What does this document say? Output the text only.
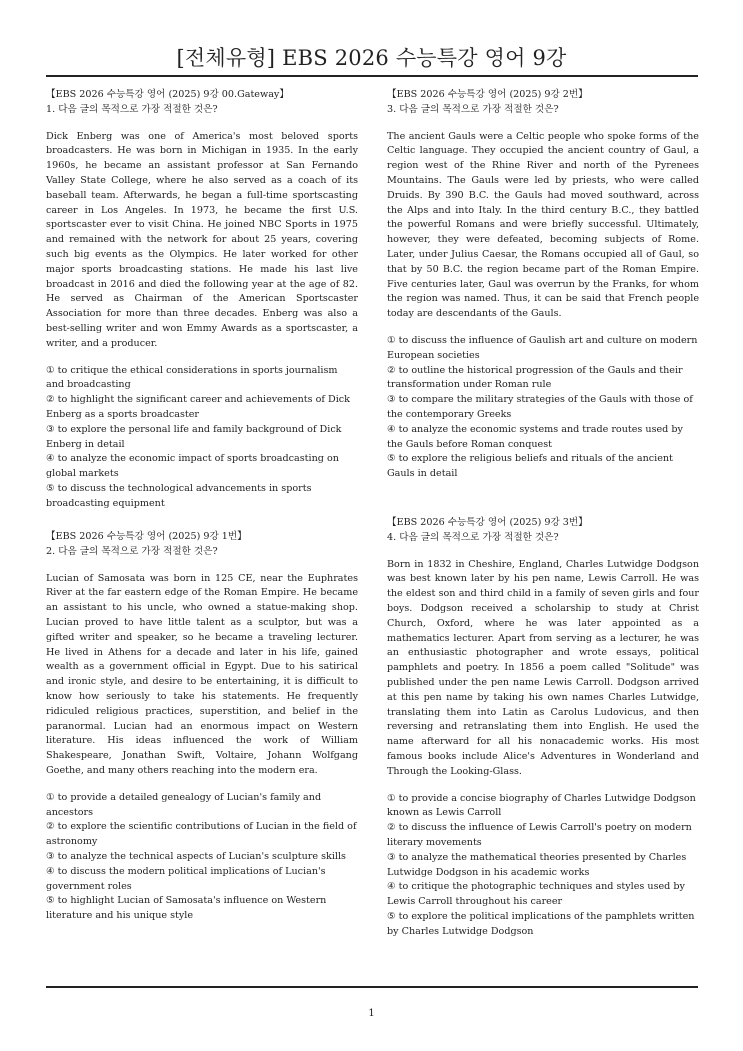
[전체유형] EBS 2026 수능특강 영어 9강

【EBS 2026 수능특강 영어 (2025) 9강 00.Gateway】

1. 다음 글의 목적으로 가장 적절한 것은?

Dick Enberg was one of America's most beloved sports broadcasters. He was born in Michigan in 1935. In the early 1960s, he became an assistant professor at San Fernando Valley State College, where he also served as a coach of its baseball team. Afterwards, he began a full-time sportscasting career in Los Angeles. In 1973, he became the first U.S. sportscaster ever to visit China. He joined NBC Sports in 1975 and remained with the network for about 25 years, covering such big events as the Olympics. He later worked for other major sports broadcasting stations. He made his last live broadcast in 2016 and died the following year at the age of 82. He served as Chairman of the American Sportscaster Association for more than three decades. Enberg was also a best-selling writer and won Emmy Awards as a sportscaster, a writer, and a producer.

① to critique the ethical considerations in sports journalism and broadcasting

② to highlight the significant career and achievements of Dick Enberg as a sports broadcaster

③ to explore the personal life and family background of Dick Enberg in detail

④ to analyze the economic impact of sports broadcasting on global markets

⑤ to discuss the technological advancements in sports broadcasting equipment

【EBS 2026 수능특강 영어 (2025) 9강 1번】

2. 다음 글의 목적으로 가장 적절한 것은?

Lucian of Samosata was born in 125 CE, near the Euphrates River at the far eastern edge of the Roman Empire. He became an assistant to his uncle, who owned a statue-making shop. Lucian proved to have little talent as a sculptor, but was a gifted writer and speaker, so he became a traveling lecturer. He lived in Athens for a decade and later in his life, gained wealth as a government official in Egypt. Due to his satirical and ironic style, and desire to be entertaining, it is difficult to know how seriously to take his statements. He frequently ridiculed religious practices, superstition, and belief in the paranormal. Lucian had an enormous impact on Western literature. His ideas influenced the work of William Shakespeare, Jonathan Swift, Voltaire, Johann Wolfgang Goethe, and many others reaching into the modern era.

① to provide a detailed genealogy of Lucian's family and ancestors

② to explore the scientific contributions of Lucian in the field of astronomy

③ to analyze the technical aspects of Lucian's sculpture skills

④ to discuss the modern political implications of Lucian's government roles

⑤ to highlight Lucian of Samosata's influence on Western literature and his unique style

【EBS 2026 수능특강 영어 (2025) 9강 2번】

3. 다음 글의 목적으로 가장 적절한 것은?

The ancient Gauls were a Celtic people who spoke forms of the Celtic language. They occupied the ancient country of Gaul, a region west of the Rhine River and north of the Pyrenees Mountains. The Gauls were led by priests, who were called Druids. By 390 B.C. the Gauls had moved southward, across the Alps and into Italy. In the third century B.C., they battled the powerful Romans and were briefly successful. Ultimately, however, they were defeated, becoming subjects of Rome. Later, under Julius Caesar, the Romans occupied all of Gaul, so that by 50 B.C. the region became part of the Roman Empire. Five centuries later, Gaul was overrun by the Franks, for whom the region was named. Thus, it can be said that French people today are descendants of the Gauls.

① to discuss the influence of Gaulish art and culture on modern European societies

② to outline the historical progression of the Gauls and their transformation under Roman rule

③ to compare the military strategies of the Gauls with those of the contemporary Greeks

④ to analyze the economic systems and trade routes used by the Gauls before Roman conquest

⑤ to explore the religious beliefs and rituals of the ancient Gauls in detail

【EBS 2026 수능특강 영어 (2025) 9강 3번】

4. 다음 글의 목적으로 가장 적절한 것은?

Born in 1832 in Cheshire, England, Charles Lutwidge Dodgson was best known later by his pen name, Lewis Carroll. He was the eldest son and third child in a family of seven girls and four boys. Dodgson received a scholarship to study at Christ Church, Oxford, where he was later appointed as a mathematics lecturer. Apart from serving as a lecturer, he was an enthusiastic photographer and wrote essays, political pamphlets and poetry. In 1856 a poem called "Solitude" was published under the pen name Lewis Carroll. Dodgson arrived at this pen name by taking his own names Charles Lutwidge, translating them into Latin as Carolus Ludovicus, and then reversing and retranslating them into English. He used the name afterward for all his nonacademic works. His most famous books include Alice's Adventures in Wonderland and Through the Looking-Glass.

① to provide a concise biography of Charles Lutwidge Dodgson known as Lewis Carroll

② to discuss the influence of Lewis Carroll's poetry on modern literary movements

③ to analyze the mathematical theories presented by Charles Lutwidge Dodgson in his academic works

④ to critique the photographic techniques and styles used by Lewis Carroll throughout his career

⑤ to explore the political implications of the pamphlets written by Charles Lutwidge Dodgson

1
